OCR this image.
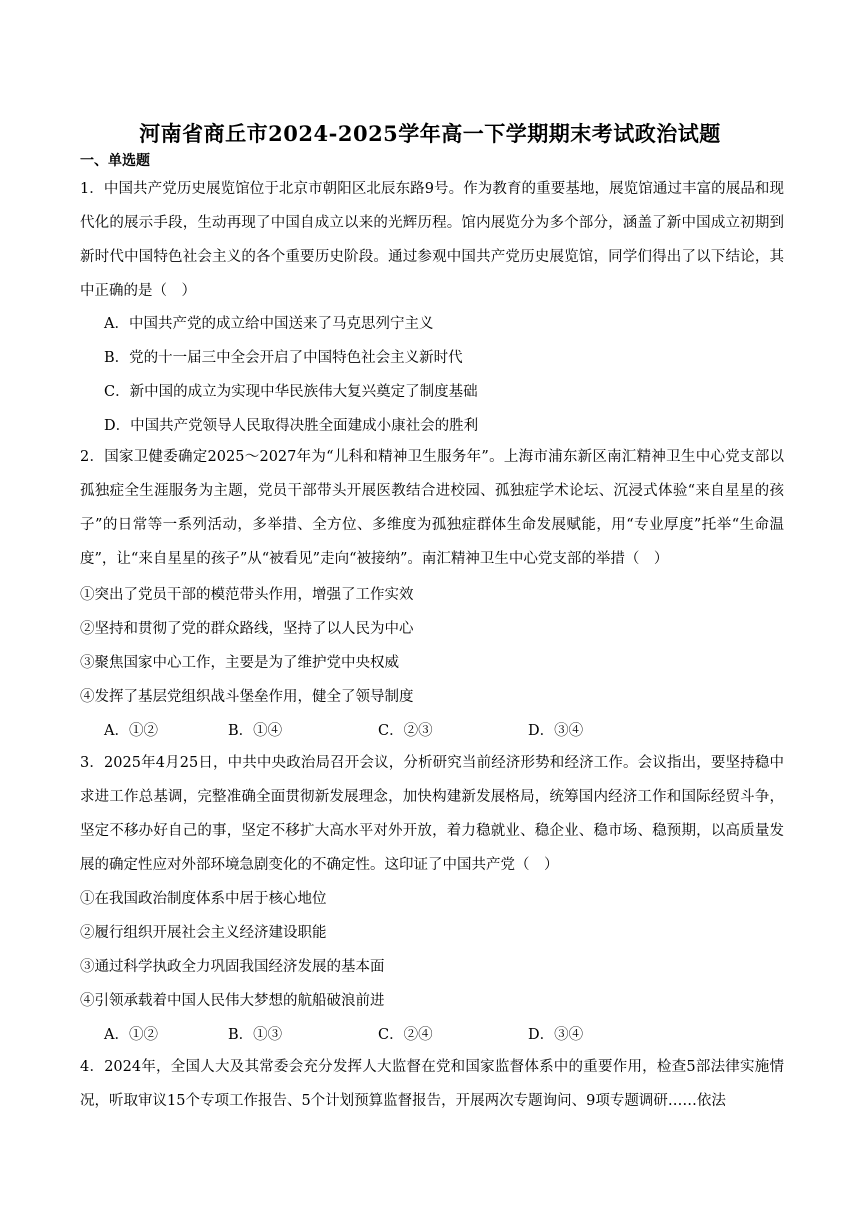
河南省商丘市2024-2025学年高一下学期期末考试政治试题
一、单选题
1．中国共产党历史展览馆位于北京市朝阳区北辰东路9号。作为教育的重要基地，展览馆通过丰富的展品和现代化的展示手段，生动再现了中国自成立以来的光辉历程。馆内展览分为多个部分，涵盖了新中国成立初期到新时代中国特色社会主义的各个重要历史阶段。通过参观中国共产党历史展览馆，同学们得出了以下结论，其中正确的是（　）
A．中国共产党的成立给中国送来了马克思列宁主义
B．党的十一届三中全会开启了中国特色社会主义新时代
C．新中国的成立为实现中华民族伟大复兴奠定了制度基础
D．中国共产党领导人民取得决胜全面建成小康社会的胜利
2．国家卫健委确定2025～2027年为“儿科和精神卫生服务年”。上海市浦东新区南汇精神卫生中心党支部以孤独症全生涯服务为主题，党员干部带头开展医教结合进校园、孤独症学术论坛、沉浸式体验“来自星星的孩子”的日常等一系列活动，多举措、全方位、多维度为孤独症群体生命发展赋能，用“专业厚度”托举“生命温度”，让“来自星星的孩子”从“被看见”走向“被接纳”。南汇精神卫生中心党支部的举措（　）
①突出了党员干部的模范带头作用，增强了工作实效
②坚持和贯彻了党的群众路线，坚持了以人民为中心
③聚焦国家中心工作，主要是为了维护党中央权威
④发挥了基层党组织战斗堡垒作用，健全了领导制度
A．①②	B．①④	C．②③	D．③④
3．2025年4月25日，中共中央政治局召开会议，分析研究当前经济形势和经济工作。会议指出，要坚持稳中求进工作总基调，完整准确全面贯彻新发展理念，加快构建新发展格局，统筹国内经济工作和国际经贸斗争，坚定不移办好自己的事，坚定不移扩大高水平对外开放，着力稳就业、稳企业、稳市场、稳预期，以高质量发展的确定性应对外部环境急剧变化的不确定性。这印证了中国共产党（　）
①在我国政治制度体系中居于核心地位
②履行组织开展社会主义经济建设职能
③通过科学执政全力巩固我国经济发展的基本面
④引领承载着中国人民伟大梦想的航船破浪前进
A．①②	B．①③	C．②④	D．③④
4．2024年，全国人大及其常委会充分发挥人大监督在党和国家监督体系中的重要作用，检查5部法律实施情况，听取审议15个专项工作报告、5个计划预算监督报告，开展两次专题询问、9项专题调研……依法
